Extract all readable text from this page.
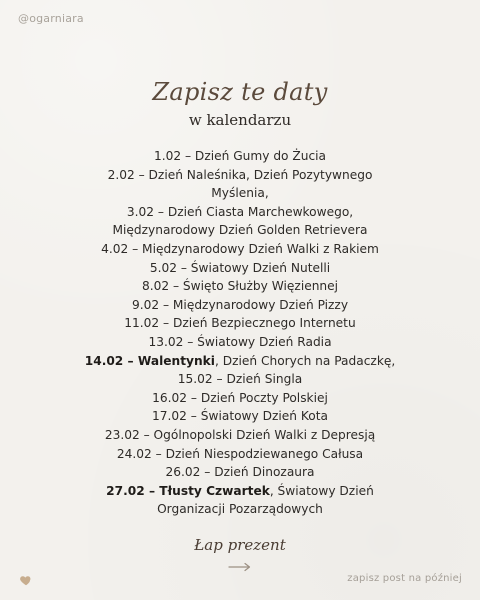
@ogarniara
Zapisz te daty
w kalendarzu

1.02 – Dzień Gumy do Żucia

2.02 – Dzień Naleśnika, Dzień Pozytywnego

Myślenia,

3.02 – Dzień Ciasta Marchewkowego,

Międzynarodowy Dzień Golden Retrievera

4.02 – Międzynarodowy Dzień Walki z Rakiem

5.02 – Światowy Dzień Nutelli

8.02 – Święto Służby Więziennej

9.02 – Międzynarodowy Dzień Pizzy

11.02 – Dzień Bezpiecznego Internetu

13.02 – Światowy Dzień Radia

14.02 – Walentynki, Dzień Chorych na Padaczkę,

15.02 – Dzień Singla

16.02 – Dzień Poczty Polskiej

17.02 – Światowy Dzień Kota

23.02 – Ogólnopolski Dzień Walki z Depresją

24.02 – Dzień Niespodziewanego Całusa

26.02 – Dzień Dinozaura

27.02 – Tłusty Czwartek, Światowy Dzień

Organizacji Pozarządowych

Łap prezent
zapisz post na później
